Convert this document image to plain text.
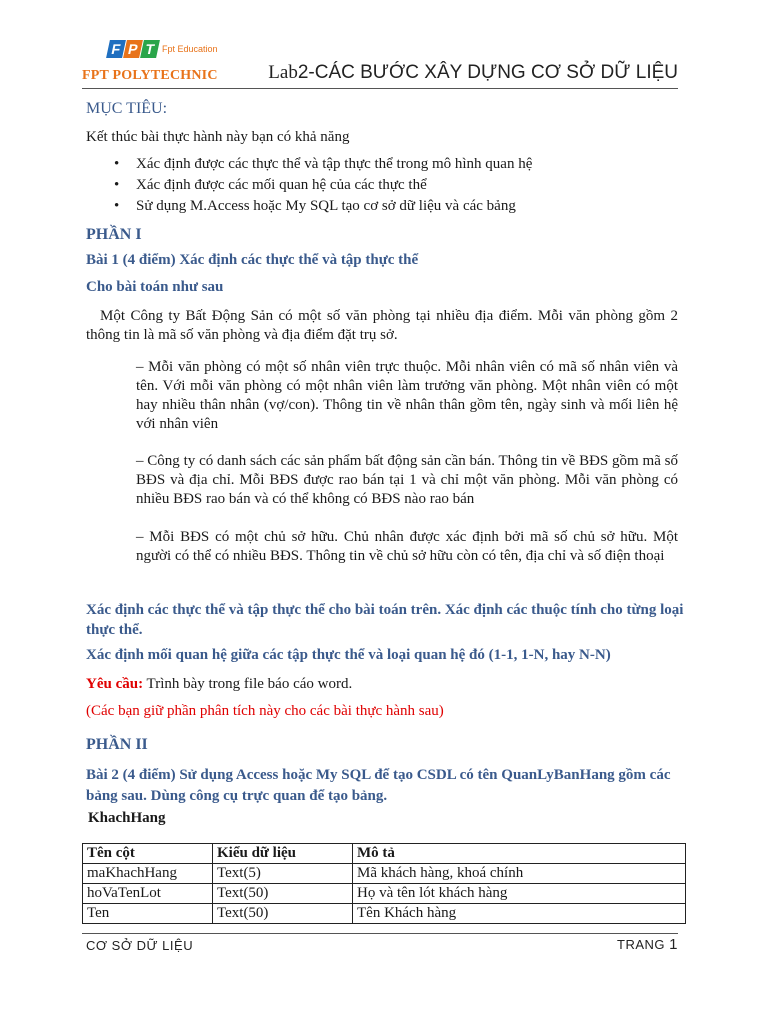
F P T Fpt Education
FPT POLYTECHNIC	Lab2-CÁC BƯỚC XÂY DỰNG CƠ SỞ DỮ LIỆU
MỤC TIÊU:
Kết thúc bài thực hành này bạn có khả năng
• Xác định được các thực thể và tập thực thể trong mô hình quan hệ
• Xác định được các mối quan hệ của các thực thể
• Sử dụng M.Access hoặc My SQL tạo cơ sở dữ liệu và các bảng
PHẦN I
Bài 1 (4 điểm) Xác định các thực thể và tập thực thể
Cho bài toán như sau
Một Công ty Bất Động Sản có một số văn phòng tại nhiều địa điểm. Mỗi văn phòng gồm 2 thông tin là mã số văn phòng và địa điểm đặt trụ sở.
– Mỗi văn phòng có một số nhân viên trực thuộc. Mỗi nhân viên có mã số nhân viên và tên. Với mỗi văn phòng có một nhân viên làm trưởng văn phòng. Một nhân viên có một hay nhiều thân nhân (vợ/con). Thông tin về nhân thân gồm tên, ngày sinh và mối liên hệ với nhân viên
– Công ty có danh sách các sản phẩm bất động sản cần bán. Thông tin về BĐS gồm mã số BĐS và địa chỉ. Mỗi BĐS được rao bán tại 1 và chỉ một văn phòng. Mỗi văn phòng có nhiều BĐS rao bán và có thể không có BĐS nào rao bán
– Mỗi BĐS có một chủ sở hữu. Chủ nhân được xác định bởi mã số chủ sở hữu. Một người có thể có nhiều BĐS. Thông tin về chủ sở hữu còn có tên, địa chỉ và số điện thoại
Xác định các thực thể và tập thực thể cho bài toán trên. Xác định các thuộc tính cho từng loại thực thể.
Xác định mối quan hệ giữa các tập thực thể và loại quan hệ đó (1-1, 1-N, hay N-N)
Yêu cầu: Trình bày trong file báo cáo word.
(Các bạn giữ phần phân tích này cho các bài thực hành sau)
PHẦN II
Bài 2 (4 điểm) Sử dụng Access hoặc My SQL để tạo CSDL có tên QuanLyBanHang gồm các bảng sau. Dùng công cụ trực quan để tạo bảng.
KhachHang
Tên cột	Kiểu dữ liệu	Mô tả
maKhachHang	Text(5)	Mã khách hàng, khoá chính
hoVaTenLot	Text(50)	Họ và tên lót khách hàng
Ten	Text(50)	Tên Khách hàng
CƠ SỞ DỮ LIỆU	TRANG 1
